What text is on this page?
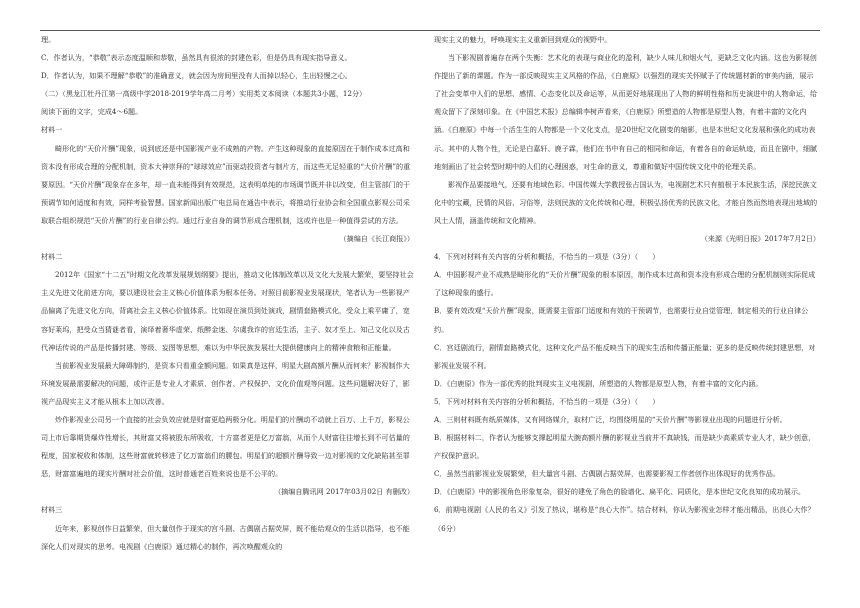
理。

C．作者认为，“恭敬”表示态度温顺和恭敬，虽然具有很浓的封建色彩，但是仍具有现实指导意义。

D．作者认为，如果不理解“恭敬”的准确意义，就会因为房间里没有人而掉以轻心，生出轻慢之心。

（二）（黑龙江牡丹江第一高级中学2018-2019学年高二月考）实用类文本阅读（本题共3小题，12分）

阅读下面的文字，完成4～6题。

材料一

畸形化的“天价片酬”现象，说到底还是中国影视产业不成熟的产物。产生这种现象的直接原因在于制作成本过高和资本没有形成合理的分配机制，资本大神崇拜的“球球效应”而驱动投资者与制片方，而这些无足轻重的“大价片酬”的重要原因。“天价片酬”现象存在多年，却一直未能得到有效规范，这表明单纯的市场调节既并非以改变，但主管部门的干预调节如何适度和有效，同样考验智慧。国家新闻出版广电总局在通告中表示，将推动行业协会和全国重点影视公司采取联合组织规范“天价片酬”的行业自律公约。通过行业自身的调节形成合理机制，这或许也是一种值得尝试的方法。

（摘编自《长江商报》）

材料二

2012年《国家“十二五”时期文化改革发展规划纲要》提出，推动文化体制改革以及文化大发展大繁荣，要坚持社会主义先进文化前进方向，要以建设社会主义核心价值体系为根本任务。对照目前影视业发展现状，笔者认为一些影视产品偏离了先进文化方向，背离社会主义核心价值体系。比如现在演员到处演戏，剧情套路模式化，受众上乘平庸了，宽容好莱坞，把受众当猜谜者看，演绎着奢华虚荣、纸醉金迷、尔虞我诈的官廷生活，主子、奴才至上、知己文化以及古代神话传说的产品是传播封建、等级、妄图等思想，难以为中华民族发展壮大提供健康向上的精神食粮和正能量。

当前影视业发展最大障碍制约，是资本只看重金额问题。如果真是这样，明星大剧高额片酬从而何来？影视制作大环境发展最需要解决的问题，或许正是专业人才素质、创作者、产权保护、文化价值观等问题。这些问题解决好了，影视产品现实主义才能从根本上加以改善。

炒作影视业公司另一个直接的社会负效应就是财富更趋两极分化。明星们的片酬动不动就上百万、上千万，影视公司上市后靠期货爆炸性增长，其财富又将被股东所吸收，十方富者更是亿万富翁，从而个人财富往往增长到不可估量的程度，国家税收和体制，这些财富就转移进了亿万富翁们的腰包。明星们的超额片酬导致一边对影视的文化缺陷甚至罪恶，财富富遍地的现实片酬对社会价值，这时普通老百姓来说也是不公平的。

（摘编自腾讯网 2017年03月02日 有删改）

材料三

近年来，影视创作日益繁荣，但大量创作于现实的宫斗剧、古偶剧占据荧屏，既不能给观众的生活以指导，也不能深化人们对现实的思考。电视剧《白鹿原》通过精心的制作，再次唤醒观众的

现实主义的魅力，呼唤现实主义重新回到观众的视野中。

当下影视剧普遍存在两个失衡：艺术化的表现与商业化的盈利，缺少人味儿和烟火气，更缺乏文化内涵。这也为影视创作提出了新的课题。作为一部反映现实主义风格的作品，《白鹿原》以强烈的现实关怀赋予了传统题材新的审美内涵，展示了社会变革中人们的思想、感情、心态变化以及命运等，从而更好地展现出了人物的鲜明性格和历史演进中的人物命运，给观众留下了深刻印象。在《中国艺术报》总编辑李树声看来，《白鹿原》所塑造的人物都是原型人物，有着丰富的文化内涵。《白鹿原》中每一个活生生的人物都是一个文化支点，是20世纪文化剧变的缩影，也是本世纪文化发展和强化的成功表示。其中的人物个性，无论是白嘉轩、鹿子霖，他们在书中有自己的相同和命运，有着各自的命运轨迹，而且在剧中，细腻地刻画出了社会转型时期中的人们的心理困惑，对生命的意义，尊重和做好中国传统文化中的伦理关系。

影视作品要接地气，还要有地域色彩。中国传媒大学教授张占国认为，电视剧艺术只有植根于本民族生活，深挖民族文化中的宝藏，民情的风俗、习俗等，法则民族的文化传统和心理，积极弘扬优秀的民族文化，才能自然而然地表现出地域的风土人情，涵盖传统和文化精神。

（来源《光明日报》2017年7月2日）

4．下列对材料有关内容的分析和概括，不恰当的一项是（3分）（　　）

A．中国影视产业不成熟是畸形化的“天价片酬”现象的根本原因，制作成本过高和资本没有形成合理的分配机制则实际促成了这种现象的盛行。

B．要有效改观“天价片酬”现象，既需要主管部门适度和有效的干预调节，也需要行业自觉管理，制定相关的行业自律公约。

C．宫廷剧流行，剧情套路模式化，这种文化产品不能反映当下的现实生活和传播正能量；更多的是反映传统封建思想，对影视业发展不利。

D．《白鹿原》作为一部优秀的批判现实主义电视剧，所塑造的人物都是原型人物，有着丰富的文化内涵。

5．下列对材料有关内容的分析和概括，不恰当的一项是（3分）（　　）

A．三则材料既有纸质媒体，又有网络媒介，取材广泛，均围绕明星的“天价片酬”等影视业出现的问题进行分析。

B．根据材料二，作者认为能够支撑起明星大腕高额片酬的影视业当前并不真缺钱，而是缺少高素质专业人才，缺少创意，产权保护意识。

C．虽然当前影视业发展繁荣，但大量宫斗剧、古偶剧占据荧屏，也需要影视工作者创作出体现好的优秀作品。

D．《白鹿原》中的影视角色形象复杂，很好的建免了角色的脸谱化、扁平化、同质化，是本世纪文化良知的成功展示。

6．前期电视剧《人民的名义》引发了热议，堪称是“良心大作”。结合材料，你认为影视业怎样才能出精品，出良心大作？（6分）
